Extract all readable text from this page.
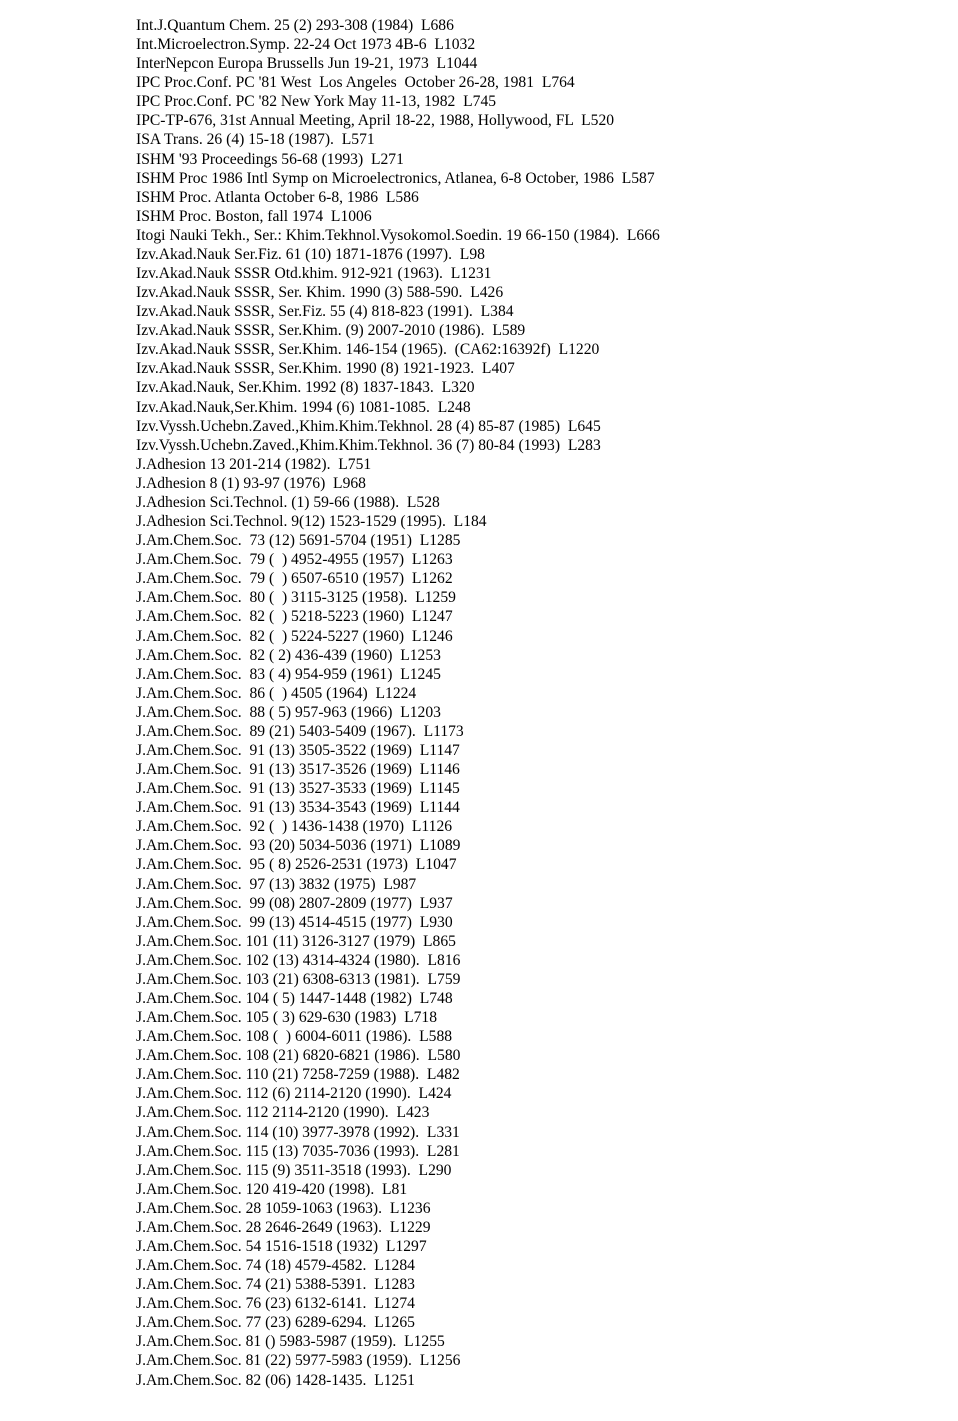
Int.J.Quantum Chem. 25 (2) 293-308 (1984)  L686
Int.Microelectron.Symp. 22-24 Oct 1973 4B-6  L1032
InterNepcon Europa Brussells Jun 19-21, 1973  L1044
IPC Proc.Conf. PC '81 West  Los Angeles  October 26-28, 1981  L764
IPC Proc.Conf. PC '82 New York May 11-13, 1982  L745
IPC-TP-676, 31st Annual Meeting, April 18-22, 1988, Hollywood, FL  L520
ISA Trans. 26 (4) 15-18 (1987).  L571
ISHM '93 Proceedings 56-68 (1993)  L271
ISHM Proc 1986 Intl Symp on Microelectronics, Atlanea, 6-8 October, 1986  L587
ISHM Proc. Atlanta October 6-8, 1986  L586
ISHM Proc. Boston, fall 1974  L1006
Itogi Nauki Tekh., Ser.: Khim.Tekhnol.Vysokomol.Soedin. 19 66-150 (1984).  L666
Izv.Akad.Nauk Ser.Fiz. 61 (10) 1871-1876 (1997).  L98
Izv.Akad.Nauk SSSR Otd.khim. 912-921 (1963).  L1231
Izv.Akad.Nauk SSSR, Ser. Khim. 1990 (3) 588-590.  L426
Izv.Akad.Nauk SSSR, Ser.Fiz. 55 (4) 818-823 (1991).  L384
Izv.Akad.Nauk SSSR, Ser.Khim. (9) 2007-2010 (1986).  L589
Izv.Akad.Nauk SSSR, Ser.Khim. 146-154 (1965).  (CA62:16392f)  L1220
Izv.Akad.Nauk SSSR, Ser.Khim. 1990 (8) 1921-1923.  L407
Izv.Akad.Nauk, Ser.Khim. 1992 (8) 1837-1843.  L320
Izv.Akad.Nauk,Ser.Khim. 1994 (6) 1081-1085.  L248
Izv.Vyssh.Uchebn.Zaved.,Khim.Khim.Tekhnol. 28 (4) 85-87 (1985)  L645
Izv.Vyssh.Uchebn.Zaved.,Khim.Khim.Tekhnol. 36 (7) 80-84 (1993)  L283
J.Adhesion 13 201-214 (1982).  L751
J.Adhesion 8 (1) 93-97 (1976)  L968
J.Adhesion Sci.Technol. (1) 59-66 (1988).  L528
J.Adhesion Sci.Technol. 9(12) 1523-1529 (1995).  L184
J.Am.Chem.Soc.  73 (12) 5691-5704 (1951)  L1285
J.Am.Chem.Soc.  79 (  ) 4952-4955 (1957)  L1263
J.Am.Chem.Soc.  79 (  ) 6507-6510 (1957)  L1262
J.Am.Chem.Soc.  80 (  ) 3115-3125 (1958).  L1259
J.Am.Chem.Soc.  82 (  ) 5218-5223 (1960)  L1247
J.Am.Chem.Soc.  82 (  ) 5224-5227 (1960)  L1246
J.Am.Chem.Soc.  82 ( 2) 436-439 (1960)  L1253
J.Am.Chem.Soc.  83 ( 4) 954-959 (1961)  L1245
J.Am.Chem.Soc.  86 (  ) 4505 (1964)  L1224
J.Am.Chem.Soc.  88 ( 5) 957-963 (1966)  L1203
J.Am.Chem.Soc.  89 (21) 5403-5409 (1967).  L1173
J.Am.Chem.Soc.  91 (13) 3505-3522 (1969)  L1147
J.Am.Chem.Soc.  91 (13) 3517-3526 (1969)  L1146
J.Am.Chem.Soc.  91 (13) 3527-3533 (1969)  L1145
J.Am.Chem.Soc.  91 (13) 3534-3543 (1969)  L1144
J.Am.Chem.Soc.  92 (  ) 1436-1438 (1970)  L1126
J.Am.Chem.Soc.  93 (20) 5034-5036 (1971)  L1089
J.Am.Chem.Soc.  95 ( 8) 2526-2531 (1973)  L1047
J.Am.Chem.Soc.  97 (13) 3832 (1975)  L987
J.Am.Chem.Soc.  99 (08) 2807-2809 (1977)  L937
J.Am.Chem.Soc.  99 (13) 4514-4515 (1977)  L930
J.Am.Chem.Soc. 101 (11) 3126-3127 (1979)  L865
J.Am.Chem.Soc. 102 (13) 4314-4324 (1980).  L816
J.Am.Chem.Soc. 103 (21) 6308-6313 (1981).  L759
J.Am.Chem.Soc. 104 ( 5) 1447-1448 (1982)  L748
J.Am.Chem.Soc. 105 ( 3) 629-630 (1983)  L718
J.Am.Chem.Soc. 108 (  ) 6004-6011 (1986).  L588
J.Am.Chem.Soc. 108 (21) 6820-6821 (1986).  L580
J.Am.Chem.Soc. 110 (21) 7258-7259 (1988).  L482
J.Am.Chem.Soc. 112 (6) 2114-2120 (1990).  L424
J.Am.Chem.Soc. 112 2114-2120 (1990).  L423
J.Am.Chem.Soc. 114 (10) 3977-3978 (1992).  L331
J.Am.Chem.Soc. 115 (13) 7035-7036 (1993).  L281
J.Am.Chem.Soc. 115 (9) 3511-3518 (1993).  L290
J.Am.Chem.Soc. 120 419-420 (1998).  L81
J.Am.Chem.Soc. 28 1059-1063 (1963).  L1236
J.Am.Chem.Soc. 28 2646-2649 (1963).  L1229
J.Am.Chem.Soc. 54 1516-1518 (1932)  L1297
J.Am.Chem.Soc. 74 (18) 4579-4582.  L1284
J.Am.Chem.Soc. 74 (21) 5388-5391.  L1283
J.Am.Chem.Soc. 76 (23) 6132-6141.  L1274
J.Am.Chem.Soc. 77 (23) 6289-6294.  L1265
J.Am.Chem.Soc. 81 () 5983-5987 (1959).  L1255
J.Am.Chem.Soc. 81 (22) 5977-5983 (1959).  L1256
J.Am.Chem.Soc. 82 (06) 1428-1435.  L1251
